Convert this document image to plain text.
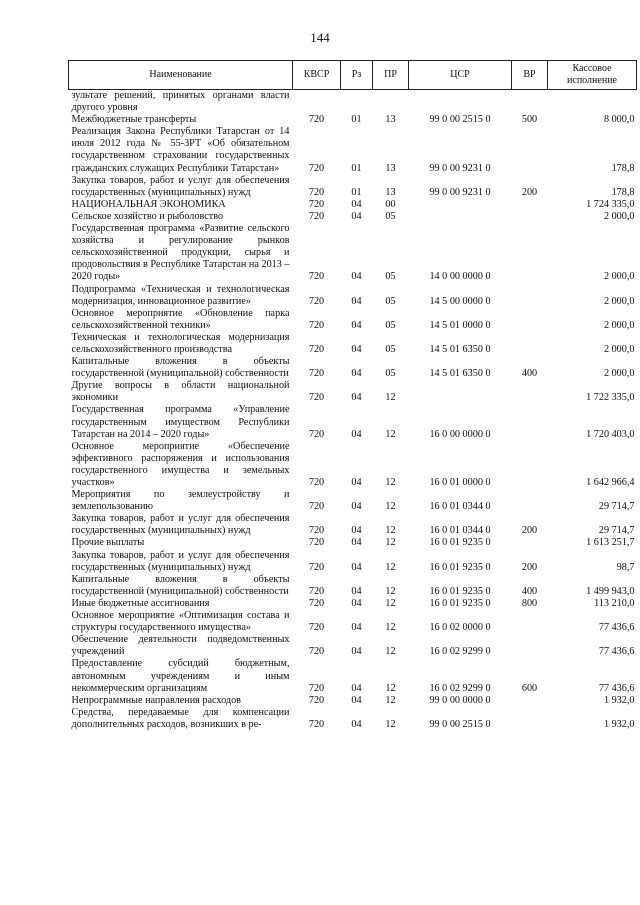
144
Наименование	КВСР	Рз	ПР	ЦСР	ВР	Кассовое исполнение
зультате решений, принятых органами власти другого уровня						
Межбюджетные трансферты	720	01	13	99 0 00 2515 0	500	8 000,0
Реализация Закона Республики Татарстан от 14 июля 2012 года № 55-ЗРТ «Об обязательном государственном страховании государственных гражданских служащих Республики Татарстан»	720	01	13	99 0 00 9231 0		178,8
Закупка товаров, работ и услуг для обеспечения государственных (муниципальных) нужд	720	01	13	99 0 00 9231 0	200	178,8
НАЦИОНАЛЬНАЯ ЭКОНОМИКА	720	04	00			1 724 335,0
Сельское хозяйство и рыболовство	720	04	05			2 000,0
Государственная программа «Развитие сельского хозяйства и регулирование рынков сельскохозяйственной продукции, сырья и продовольствия в Республике Татарстан на 2013 – 2020 годы»	720	04	05	14 0 00 0000 0		2 000,0
Подпрограмма «Техническая и технологическая модернизация, инновационное развитие»	720	04	05	14 5 00 0000 0		2 000,0
Основное мероприятие «Обновление парка сельскохозяйственной техники»	720	04	05	14 5 01 0000 0		2 000,0
Техническая и технологическая модернизация сельскохозяйственного производства	720	04	05	14 5 01 6350 0		2 000,0
Капитальные вложения в объекты государственной (муниципальной) собственности	720	04	05	14 5 01 6350 0	400	2 000,0
Другие вопросы в области национальной экономики	720	04	12			1 722 335,0
Государственная программа «Управление государственным имуществом Республики Татарстан на 2014 – 2020 годы»	720	04	12	16 0 00 0000 0		1 720 403,0
Основное мероприятие «Обеспечение эффективного распоряжения и использования государственного имущества и земельных участков»	720	04	12	16 0 01 0000 0		1 642 966,4
Мероприятия по землеустройству и землепользованию	720	04	12	16 0 01 0344 0		29 714,7
Закупка товаров, работ и услуг для обеспечения государственных (муниципальных) нужд	720	04	12	16 0 01 0344 0	200	29 714,7
Прочие выплаты	720	04	12	16 0 01 9235 0		1 613 251,7
Закупка товаров, работ и услуг для обеспечения государственных (муниципальных) нужд	720	04	12	16 0 01 9235 0	200	98,7
Капитальные вложения в объекты государственной (муниципальной) собственности	720	04	12	16 0 01 9235 0	400	1 499 943,0
Иные бюджетные ассигнования	720	04	12	16 0 01 9235 0	800	113 210,0
Основное мероприятие «Оптимизация состава и структуры государственного имущества»	720	04	12	16 0 02 0000 0		77 436,6
Обеспечение деятельности подведомственных учреждений	720	04	12	16 0 02 9299 0		77 436,6
Предоставление субсидий бюджетным, автономным учреждениям и иным некоммерческим организациям	720	04	12	16 0 02 9299 0	600	77 436,6
Непрограммные направления расходов	720	04	12	99 0 00 0000 0		1 932,0
Средства, передаваемые для компенсации дополнительных расходов, возникших в ре-	720	04	12	99 0 00 2515 0		1 932,0
